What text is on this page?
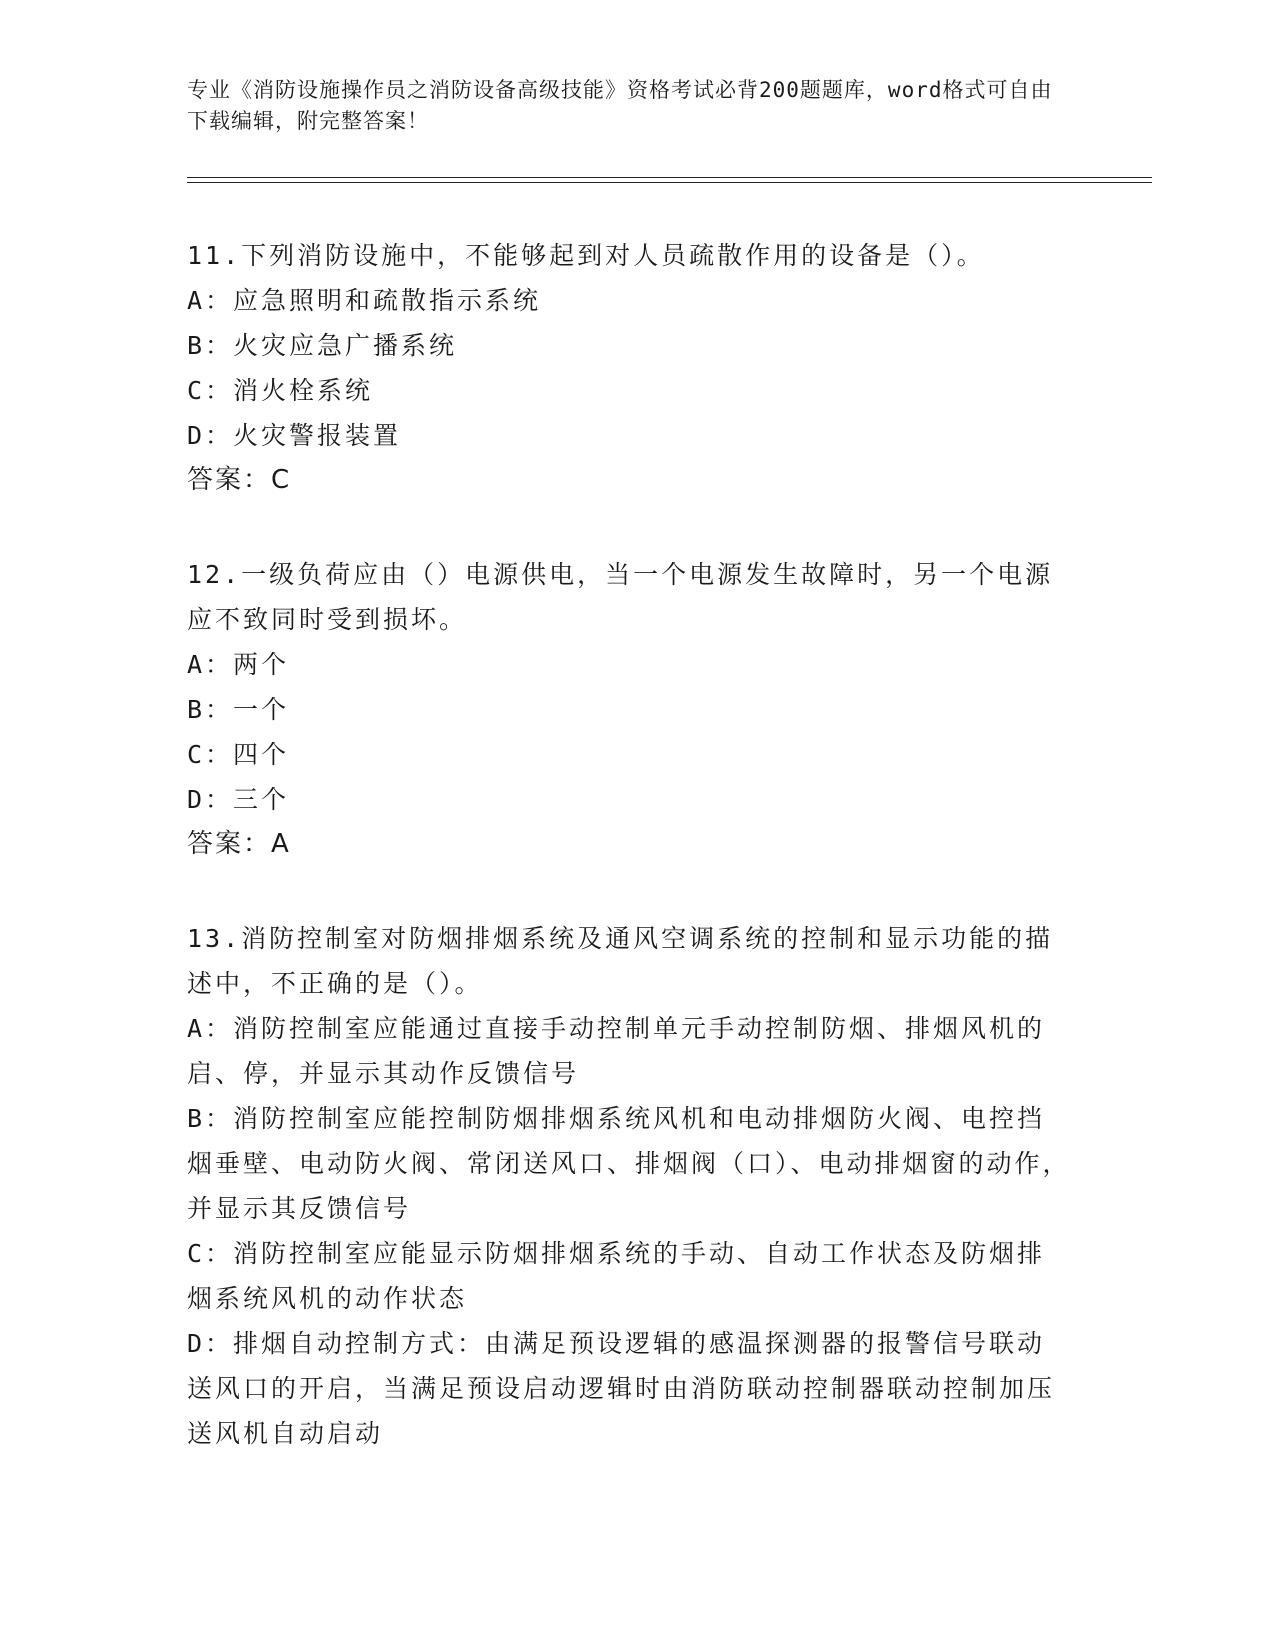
专业《消防设施操作员之消防设备高级技能》资格考试必背200题题库，word格式可自由下载编辑，附完整答案！
11.下列消防设施中，不能够起到对人员疏散作用的设备是（）。
A：应急照明和疏散指示系统
B：火灾应急广播系统
C：消火栓系统
D：火灾警报装置
答案：C
12.一级负荷应由（）电源供电，当一个电源发生故障时，另一个电源应不致同时受到损坏。
A：两个
B：一个
C：四个
D：三个
答案：A
13.消防控制室对防烟排烟系统及通风空调系统的控制和显示功能的描述中，不正确的是（）。
A：消防控制室应能通过直接手动控制单元手动控制防烟、排烟风机的启、停，并显示其动作反馈信号
B：消防控制室应能控制防烟排烟系统风机和电动排烟防火阀、电控挡烟垂壁、电动防火阀、常闭送风口、排烟阀（口）、电动排烟窗的动作，并显示其反馈信号
C：消防控制室应能显示防烟排烟系统的手动、自动工作状态及防烟排烟系统风机的动作状态
D：排烟自动控制方式：由满足预设逻辑的感温探测器的报警信号联动送风口的开启，当满足预设启动逻辑时由消防联动控制器联动控制加压送风机自动启动
